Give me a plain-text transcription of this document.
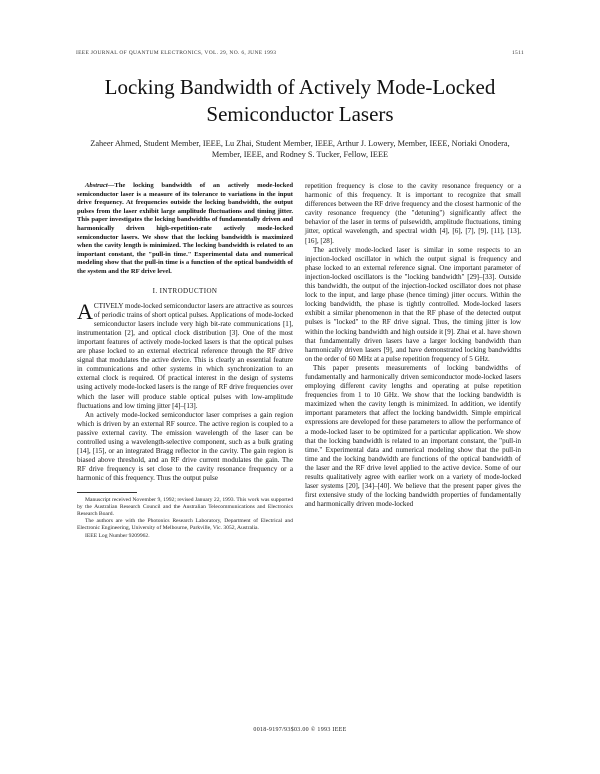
IEEE JOURNAL OF QUANTUM ELECTRONICS, VOL. 29, NO. 6, JUNE 1993	1511
Locking Bandwidth of Actively Mode-Locked Semiconductor Lasers
Zaheer Ahmed, Student Member, IEEE, Lu Zhai, Student Member, IEEE, Arthur J. Lowery, Member, IEEE, Noriaki Onodera, Member, IEEE, and Rodney S. Tucker, Fellow, IEEE

Abstract—The locking bandwidth of an actively mode-locked semiconductor laser is a measure of its tolerance to variations in the input drive frequency. At frequencies outside the locking bandwidth, the output pulses from the laser exhibit large amplitude fluctuations and timing jitter. This paper investigates the locking bandwidths of fundamentally driven and harmonically driven high-repetition-rate actively mode-locked semiconductor lasers. We show that the locking bandwidth is maximized when the cavity length is minimized. The locking bandwidth is related to an important constant, the "pull-in time." Experimental data and numerical modeling show that the pull-in time is a function of the optical bandwidth of the system and the RF drive level.

I. INTRODUCTION

ACTIVELY mode-locked semiconductor lasers are attractive as sources of periodic trains of short optical pulses. Applications of mode-locked semiconductor lasers include very high bit-rate communications [1], instrumentation [2], and optical clock distribution [3]. One of the most important features of actively mode-locked lasers is that the optical pulses are phase locked to an external electrical reference through the RF drive signal that modulates the active device. This is clearly an essential feature in communications and other systems in which synchronization to an external clock is required. Of practical interest in the design of systems using actively mode-locked lasers is the range of RF drive frequencies over which the laser will produce stable optical pulses with low-amplitude fluctuations and low timing jitter [4]–[13].

An actively mode-locked semiconductor laser comprises a gain region which is driven by an external RF source. The active region is coupled to a passive external cavity. The emission wavelength of the laser can be controlled using a wavelength-selective component, such as a bulk grating [14], [15], or an integrated Bragg reflector in the cavity. The gain region is biased above threshold, and an RF drive current modulates the gain. The RF drive frequency is set close to the cavity resonance frequency or a harmonic of this frequency. Thus the output pulse

Manuscript received November 9, 1992; revised January 22, 1993. This work was supported by the Australian Research Council and the Australian Telecommunications and Electronics Research Board.

The authors are with the Photonics Research Laboratory, Department of Electrical and Electronic Engineering, University of Melbourne, Parkville, Vic. 3052, Australia.

IEEE Log Number 9209962.

repetition frequency is close to the cavity resonance frequency or a harmonic of this frequency. It is important to recognize that small differences between the RF drive frequency and the closest harmonic of the cavity resonance frequency (the "detuning") significantly affect the behavior of the laser in terms of pulsewidth, amplitude fluctuations, timing jitter, optical wavelength, and spectral width [4], [6], [7], [9], [11], [13], [16], [28].

The actively mode-locked laser is similar in some respects to an injection-locked oscillator in which the output signal is frequency and phase locked to an external reference signal. One important parameter of injection-locked oscillators is the "locking bandwidth" [29]–[33]. Outside this bandwidth, the output of the injection-locked oscillator does not phase lock to the input, and large phase (hence timing) jitter occurs. Within the locking bandwidth, the phase is tightly controlled. Mode-locked lasers exhibit a similar phenomenon in that the RF phase of the detected output pulses is "locked" to the RF drive signal. Thus, the timing jitter is low within the locking bandwidth and high outside it [9]. Zhai et al. have shown that fundamentally driven lasers have a larger locking bandwidth than harmonically driven lasers [9], and have demonstrated locking bandwidths on the order of 60 MHz at a pulse repetition frequency of 5 GHz.

This paper presents measurements of locking bandwidths of fundamentally and harmonically driven semiconductor mode-locked lasers employing different cavity lengths and operating at pulse repetition frequencies from 1 to 10 GHz. We show that the locking bandwidth is maximized when the cavity length is minimized. In addition, we identify important parameters that affect the locking bandwidth. Simple empirical expressions are developed for these parameters to allow the performance of a mode-locked laser to be optimized for a particular application. We show that the locking bandwidth is related to an important constant, the "pull-in time." Experimental data and numerical modeling show that the pull-in time and the locking bandwidth are functions of the optical bandwidth of the laser and the RF drive level applied to the active device. Some of our results qualitatively agree with earlier work on a variety of mode-locked laser systems [20], [34]–[40]. We believe that the present paper gives the first extensive study of the locking bandwidth properties of fundamentally and harmonically driven mode-locked

0018-9197/93$03.00 © 1993 IEEE
